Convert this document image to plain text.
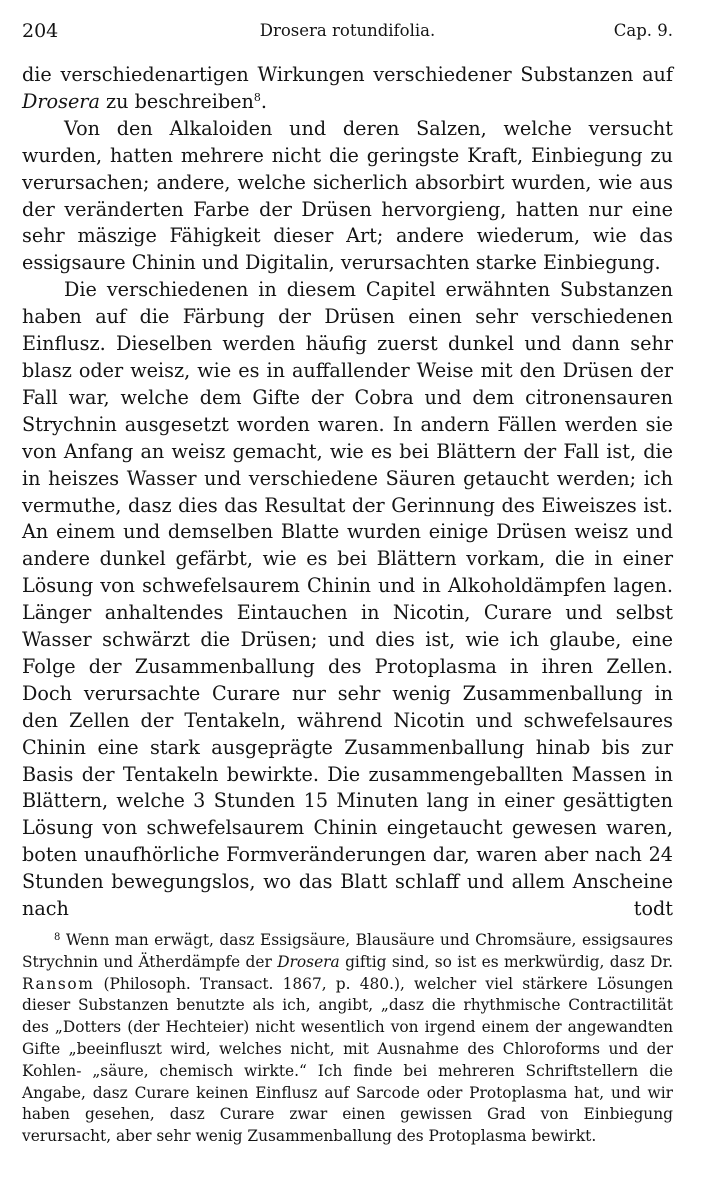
204	Drosera rotundifolia.	Cap. 9.

die verschiedenartigen Wirkungen verschiedener Substanzen auf Drosera zu beschreiben$^8$.

Von den Alkaloiden und deren Salzen, welche versucht wurden, hatten mehrere nicht die geringste Kraft, Einbiegung zu verursachen; andere, welche sicherlich absorbirt wurden, wie aus der veränderten Farbe der Drüsen hervorgieng, hatten nur eine sehr mäszige Fähigkeit dieser Art; andere wiederum, wie das essigsaure Chinin und Digitalin, verursachten starke Einbiegung.

Die verschiedenen in diesem Capitel erwähnten Substanzen haben auf die Färbung der Drüsen einen sehr verschiedenen Einflusz. Dieselben werden häufig zuerst dunkel und dann sehr blasz oder weisz, wie es in auffallender Weise mit den Drüsen der Fall war, welche dem Gifte der Cobra und dem citronensauren Strychnin ausgesetzt worden waren. In andern Fällen werden sie von Anfang an weisz gemacht, wie es bei Blättern der Fall ist, die in heiszes Wasser und verschiedene Säuren getaucht werden; ich vermuthe, dasz dies das Resultat der Gerinnung des Eiweiszes ist. An einem und demselben Blatte wurden einige Drüsen weisz und andere dunkel gefärbt, wie es bei Blättern vorkam, die in einer Lösung von schwefelsaurem Chinin und in Alkoholdämpfen lagen. Länger anhaltendes Eintauchen in Nicotin, Curare und selbst Wasser schwärzt die Drüsen; und dies ist, wie ich glaube, eine Folge der Zusammenballung des Protoplasma in ihren Zellen. Doch verursachte Curare nur sehr wenig Zusammenballung in den Zellen der Tentakeln, während Nicotin und schwefelsaures Chinin eine stark ausgeprägte Zusammenballung hinab bis zur Basis der Tentakeln bewirkte. Die zusammengeballten Massen in Blättern, welche 3 Stunden 15 Minuten lang in einer gesättigten Lösung von schwefelsaurem Chinin eingetaucht gewesen waren, boten unaufhörliche Formveränderungen dar, waren aber nach 24 Stunden bewegungslos, wo das Blatt schlaff und allem Anscheine nach todt

$^8$ Wenn man erwägt, dasz Essigsäure, Blausäure und Chromsäure, essigsaures Strychnin und Ätherdämpfe der Drosera giftig sind, so ist es merkwürdig, dasz Dr. Ransom (Philosoph. Transact. 1867, p. 480.), welcher viel stärkere Lösungen dieser Substanzen benutzte als ich, angibt, „dasz die rhythmische Contractilität des „Dotters (der Hechteier) nicht wesentlich von irgend einem der angewandten Gifte „beeinfluszt wird, welches nicht, mit Ausnahme des Chloroforms und der Kohlen- „säure, chemisch wirkte.“ Ich finde bei mehreren Schriftstellern die Angabe, dasz Curare keinen Einflusz auf Sarcode oder Protoplasma hat, und wir haben gesehen, dasz Curare zwar einen gewissen Grad von Einbiegung verursacht, aber sehr wenig Zusammenballung des Protoplasma bewirkt.
